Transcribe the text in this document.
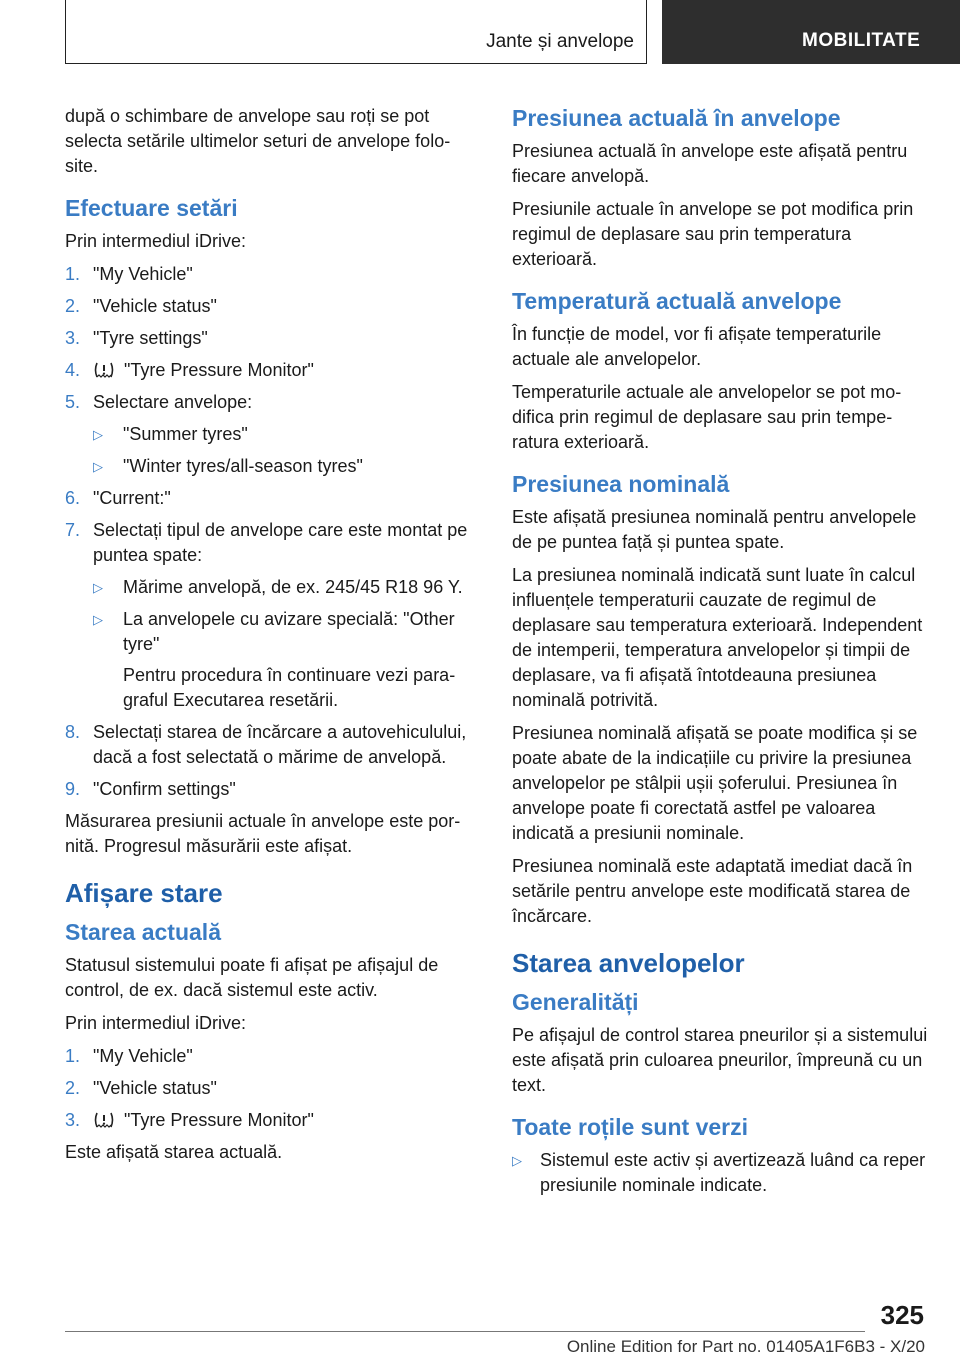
Jante și anvelope	MOBILITATE

după o schimbare de anvelope sau roți se pot selecta setările ultimelor seturi de anvelope folosite.

Efectuare setări

Prin intermediul iDrive:

1. "My Vehicle"
2. "Vehicle status"
3. "Tyre settings"
4. "Tyre Pressure Monitor"
5. Selectare anvelope:
▷ "Summer tyres"
▷ "Winter tyres/all-season tyres"
6. "Current:"
7. Selectați tipul de anvelope care este montat pe puntea spate:
▷ Mărime anvelopă, de ex. 245/45 R18 96 Y.
▷ La anvelopele cu avizare specială: "Other tyre"

Pentru procedura în continuare vezi paragraful Executarea resetării.

8. Selectați starea de încărcare a autovehiculului, dacă a fost selectată o mărime de anvelopă.
9. "Confirm settings"

Măsurarea presiunii actuale în anvelope este pornită. Progresul măsurării este afișat.

Afișare stare
Starea actuală

Statusul sistemului poate fi afișat pe afișajul de control, de ex. dacă sistemul este activ.

Prin intermediul iDrive:

1. "My Vehicle"
2. "Vehicle status"
3. "Tyre Pressure Monitor"

Este afișată starea actuală.

Presiunea actuală în anvelope

Presiunea actuală în anvelope este afișată pentru fiecare anvelopă.

Presiunile actuale în anvelope se pot modifica prin regimul de deplasare sau prin temperatura exterioară.

Temperatură actuală anvelope

În funcție de model, vor fi afișate temperaturile actuale ale anvelopelor.

Temperaturile actuale ale anvelopelor se pot modifica prin regimul de deplasare sau prin temperatura exterioară.

Presiunea nominală

Este afișată presiunea nominală pentru anvelopele de pe puntea față și puntea spate.

La presiunea nominală indicată sunt luate în calcul influențele temperaturii cauzate de regimul de deplasare sau temperatura exterioară. Independent de intemperii, temperatura anvelopelor și timpii de deplasare, va fi afișată întotdeauna presiunea nominală potrivită.

Presiunea nominală afișată se poate modifica și se poate abate de la indicațiile cu privire la presiunea anvelopelor pe stâlpii ușii șoferului. Presiunea în anvelope poate fi corectată astfel pe valoarea indicată a presiunii nominale.

Presiunea nominală este adaptată imediat dacă în setările pentru anvelope este modificată starea de încărcare.

Starea anvelopelor
Generalități

Pe afișajul de control starea pneurilor și a sistemului este afișată prin culoarea pneurilor, împreună cu un text.

Toate roțile sunt verzi
▷ Sistemul este activ și avertizează luând ca reper presiunile nominale indicate.
325
Online Edition for Part no. 01405A1F6B3 - X/20
